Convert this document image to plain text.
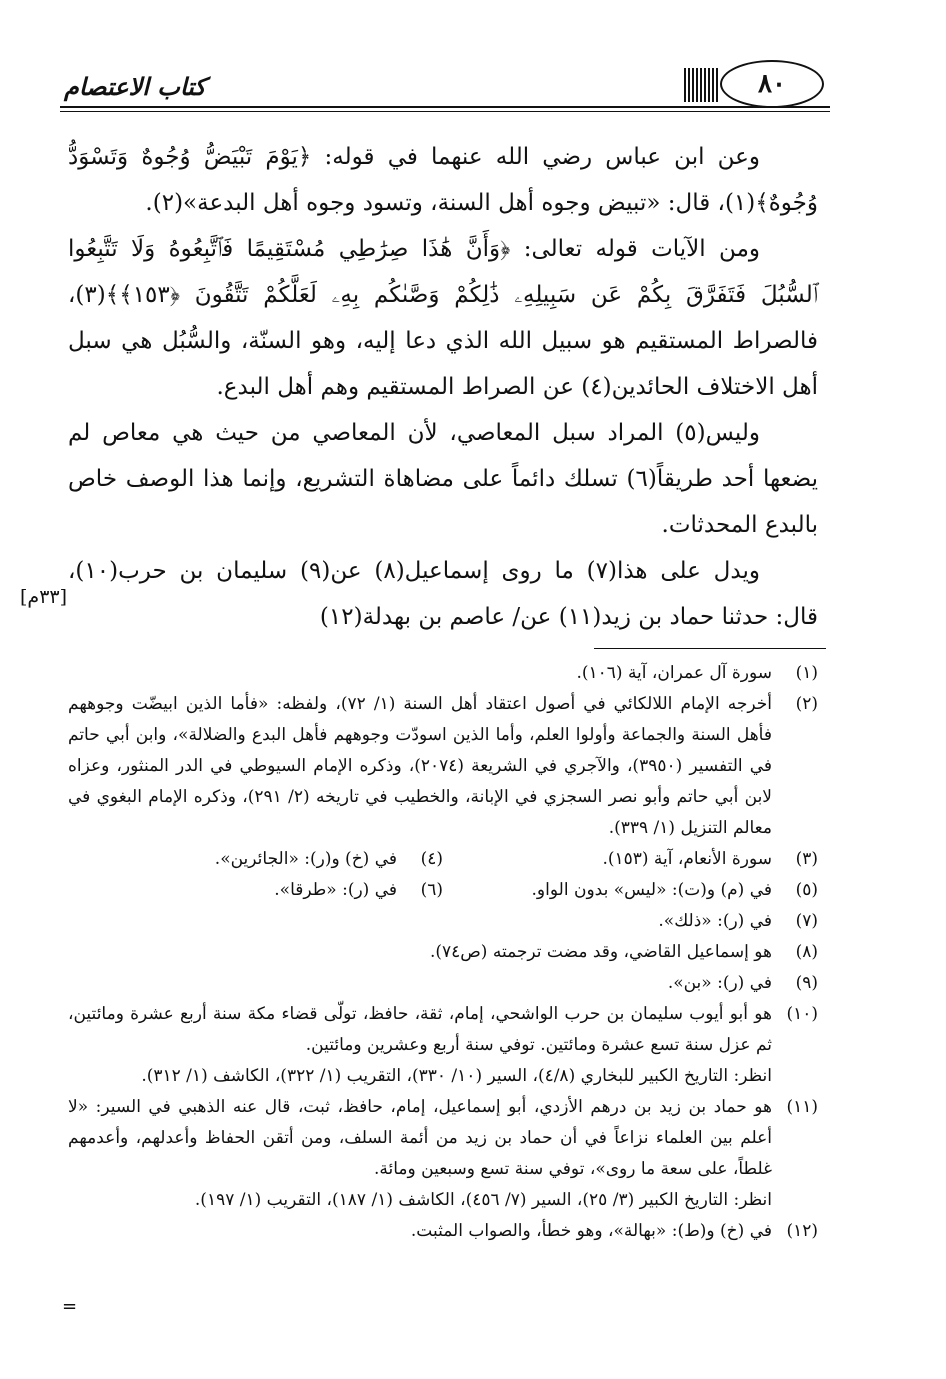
٨٠
كتاب الاعتصام

وعن ابن عباس رضي الله عنهما في قوله: ﴿يَوْمَ تَبْيَضُّ وُجُوهٌ وَتَسْوَدُّ وُجُوهٌ﴾(١)، قال: «تبيض وجوه أهل السنة، وتسود وجوه أهل البدعة»(٢).

ومن الآيات قوله تعالى: ﴿وَأَنَّ هَٰذَا صِرَٰطِي مُسْتَقِيمًا فَٱتَّبِعُوهُ وَلَا تَتَّبِعُوا ٱلسُّبُلَ فَتَفَرَّقَ بِكُمْ عَن سَبِيلِهِۦ ذَٰلِكُمْ وَصَّىٰكُم بِهِۦ لَعَلَّكُمْ تَتَّقُونَ ﴿١٥٣﴾﴾(٣)، فالصراط المستقيم هو سبيل الله الذي دعا إليه، وهو السنّة، والسُّبُل هي سبل أهل الاختلاف الحائدين(٤) عن الصراط المستقيم وهم أهل البدع.

وليس(٥) المراد سبل المعاصي، لأن المعاصي من حيث هي معاص لم يضعها أحد طريقاً(٦) تسلك دائماً على مضاهاة التشريع، وإنما هذا الوصف خاص بالبدع المحدثات.

ويدل على هذا(٧) ما روى إسماعيل(٨) عن(٩) سليمان بن حرب(١٠)، قال: حدثنا حماد بن زيد(١١) عن/ عاصم بن بهدلة(١٢)

[٣٣م]
(١)
سورة آل عمران، آية (١٠٦).
(٢)
أخرجه الإمام اللالكائي في أصول اعتقاد أهل السنة (١/ ٧٢)، ولفظه: «فأما الذين ابيضّت وجوههم فأهل السنة والجماعة وأولوا العلم، وأما الذين اسودّت وجوههم فأهل البدع والضلالة»، وابن أبي حاتم في التفسير (٣٩٥٠)، والآجري في الشريعة (٢٠٧٤)، وذكره الإمام السيوطي في الدر المنثور، وعزاه لابن أبي حاتم وأبو نصر السجزي في الإبانة، والخطيب في تاريخه (٢/ ٢٩١)، وذكره الإمام البغوي في معالم التنزيل (١/ ٣٣٩).
(٣)
سورة الأنعام، آية (١٥٣).
(٤)
في (خ) و(ر): «الجائرين».
(٥)
في (م) و(ت): «ليس» بدون الواو.
(٦)
في (ر): «طرقا».
(٧)
في (ر): «ذلك».
(٨)
هو إسماعيل القاضي، وقد مضت ترجمته (ص٧٤).
(٩)
في (ر): «بن».
(١٠)
هو أبو أيوب سليمان بن حرب الواشحي، إمام، ثقة، حافظ، تولّى قضاء مكة سنة أربع عشرة ومائتين، ثم عزل سنة تسع عشرة ومائتين. توفي سنة أربع وعشرين ومائتين.
انظر: التاريخ الكبير للبخاري (٤/٨)، السير (١٠/ ٣٣٠)، التقريب (١/ ٣٢٢)، الكاشف (١/ ٣١٢).
(١١)
هو حماد بن زيد بن درهم الأزدي، أبو إسماعيل، إمام، حافظ، ثبت، قال عنه الذهبي في السير: «لا أعلم بين العلماء نزاعاً في أن حماد بن زيد من أئمة السلف، ومن أتقن الحفاظ وأعدلهم، وأعدمهم غلطاً، على سعة ما روى»، توفي سنة تسع وسبعين ومائة.
انظر: التاريخ الكبير (٣/ ٢٥)، السير (٧/ ٤٥٦)، الكاشف (١/ ١٨٧)، التقريب (١/ ١٩٧).
(١٢)
في (خ) و(ط): «بهالة»، وهو خطأ، والصواب المثبت.
=
